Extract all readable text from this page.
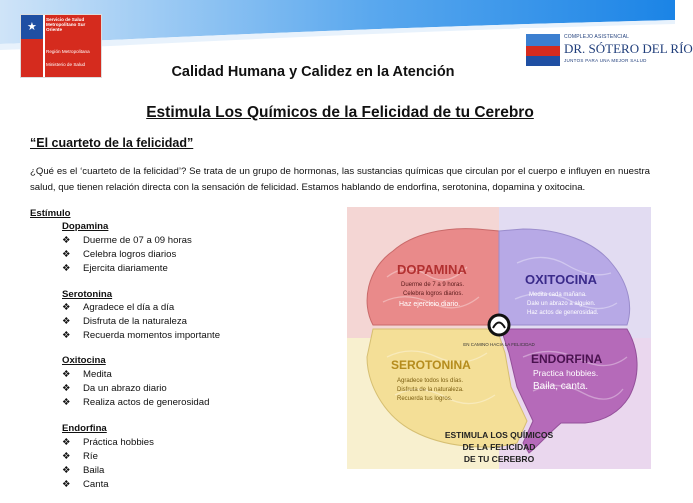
★
Servicio de Salud Metropolitano Sur Oriente
Región Metropolitana
Ministerio de Salud
COMPLEJO ASISTENCIAL
DR. SÓTERO DEL RÍO
JUNTOS PARA UNA MEJOR SALUD
Calidad Humana y Calidez en la Atención
Estimula Los Químicos de la Felicidad de tu Cerebro
“El cuarteto de la felicidad”
¿Qué es el ‘cuarteto de la felicidad’? Se trata de un grupo de hormonas, las sustancias químicas que circulan por el cuerpo e influyen en nuestra salud, que tienen relación directa con la sensación de felicidad. Estamos hablando de endorfina, serotonina, dopamina y oxitocina.
Estímulo
Dopamina
❖ Duerme de 07 a 09 horas
❖ Celebra logros diarios
❖ Ejercita diariamente
Serotonina
❖ Agradece el día a día
❖ Disfruta de la naturaleza
❖ Recuerda momentos importante
Oxitocina
❖ Medita
❖ Da un abrazo diario
❖ Realiza actos de generosidad
Endorfina
❖ Práctica hobbies
❖ Ríe
❖ Baila
❖ Canta
DOPAMINA
Duerme de 7 a 9 horas.
Celebra logros diarios.
Haz ejercicio diario.
OXITOCINA
Medita cada mañana.
Dale un abrazo a alguien.
Haz actos de generosidad.
SEROTONINA
Agradece todos los días.
Disfruta de la naturaleza.
Recuerda tus logros.
ENDORFINA
Practica hobbies.
Baila, canta.
EN CAMINO HACIA LA FELICIDAD
ESTIMULA LOS QUÍMICOS
DE LA FELICIDAD
DE TU CEREBRO
